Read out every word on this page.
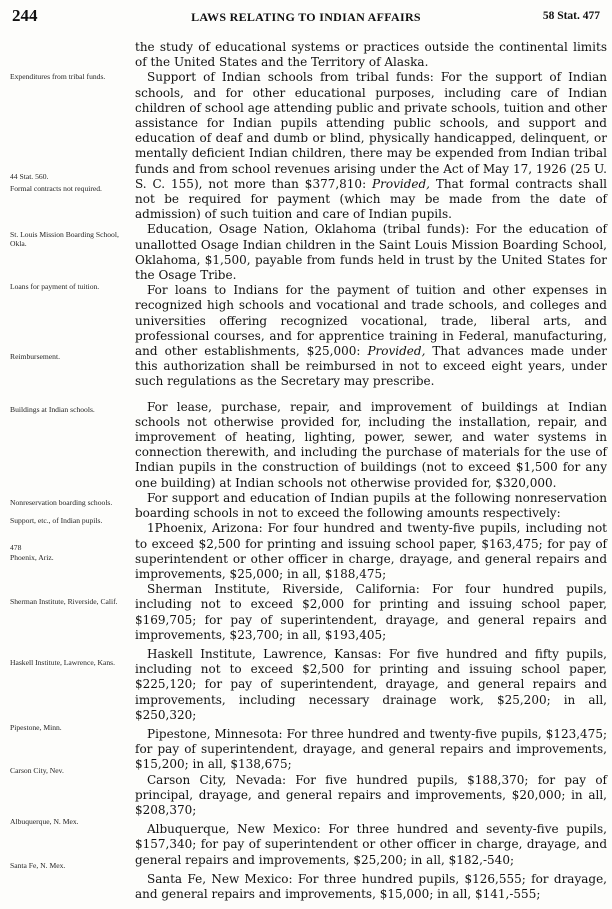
244	LAWS RELATING TO INDIAN AFFAIRS	58 Stat. 477
Expenditures from tribal funds.
44 Stat. 560.
Formal contracts not required.
St. Louis Mission Boarding School, Okla.
Loans for payment of tuition.
Reimbursement.
Buildings at Indian schools.
Nonreservation boarding schools.
Support, etc., of Indian pupils.
478
Phoenix, Ariz.
Sherman Institute, Riverside, Calif.
Haskell Institute, Lawrence, Kans.
Pipestone, Minn.
Carson City, Nev.
Albuquerque, N. Mex.
Santa Fe, N. Mex.

the study of educational systems or practices outside the continental limits of the United States and the Territory of Alaska.

Support of Indian schools from tribal funds: For the support of Indian schools, and for other educational purposes, including care of Indian children of school age attending public and private schools, tuition and other assistance for Indian pupils attending public schools, and support and education of deaf and dumb or blind, physically handicapped, delinquent, or mentally deficient Indian children, there may be expended from Indian tribal funds and from school revenues arising under the Act of May 17, 1926 (25 U. S. C. 155), not more than $377,810: Provided, That formal contracts shall not be required for payment (which may be made from the date of admission) of such tuition and care of Indian pupils.

Education, Osage Nation, Oklahoma (tribal funds): For the education of unallotted Osage Indian children in the Saint Louis Mission Boarding School, Oklahoma, $1,500, payable from funds held in trust by the United States for the Osage Tribe.

For loans to Indians for the payment of tuition and other expenses in recognized high schools and vocational and trade schools, and colleges and universities offering recognized vocational, trade, liberal arts, and professional courses, and for apprentice training in Federal, manufacturing, and other establishments, $25,000: Provided, That advances made under this authorization shall be reimbursed in not to exceed eight years, under such regulations as the Secretary may prescribe.

For lease, purchase, repair, and improvement of buildings at Indian schools not otherwise provided for, including the installation, repair, and improvement of heating, lighting, power, sewer, and water systems in connection therewith, and including the purchase of materials for the use of Indian pupils in the construction of buildings (not to exceed $1,500 for any one building) at Indian schools not otherwise provided for, $320,000.

For support and education of Indian pupils at the following nonreservation boarding schools in not to exceed the following amounts respectively:

1Phoenix, Arizona: For four hundred and twenty-five pupils, including not to exceed $2,500 for printing and issuing school paper, $163,475; for pay of superintendent or other officer in charge, drayage, and general repairs and improvements, $25,000; in all, $188,475;

Sherman Institute, Riverside, California: For four hundred pupils, including not to exceed $2,000 for printing and issuing school paper, $169,705; for pay of superintendent, drayage, and general repairs and improvements, $23,700; in all, $193,405;

Haskell Institute, Lawrence, Kansas: For five hundred and fifty pupils, including not to exceed $2,500 for printing and issuing school paper, $225,120; for pay of superintendent, drayage, and general repairs and improvements, including necessary drainage work, $25,200; in all, $250,320;

Pipestone, Minnesota: For three hundred and twenty-five pupils, $123,475; for pay of superintendent, drayage, and general repairs and improvements, $15,200; in all, $138,675;

Carson City, Nevada: For five hundred pupils, $188,370; for pay of principal, drayage, and general repairs and improvements, $20,000; in all, $208,370;

Albuquerque, New Mexico: For three hundred and seventy-five pupils, $157,340; for pay of superintendent or other officer in charge, drayage, and general repairs and improvements, $25,200; in all, $182,-540;

Santa Fe, New Mexico: For three hundred pupils, $126,555; for drayage, and general repairs and improvements, $15,000; in all, $141,-555;
